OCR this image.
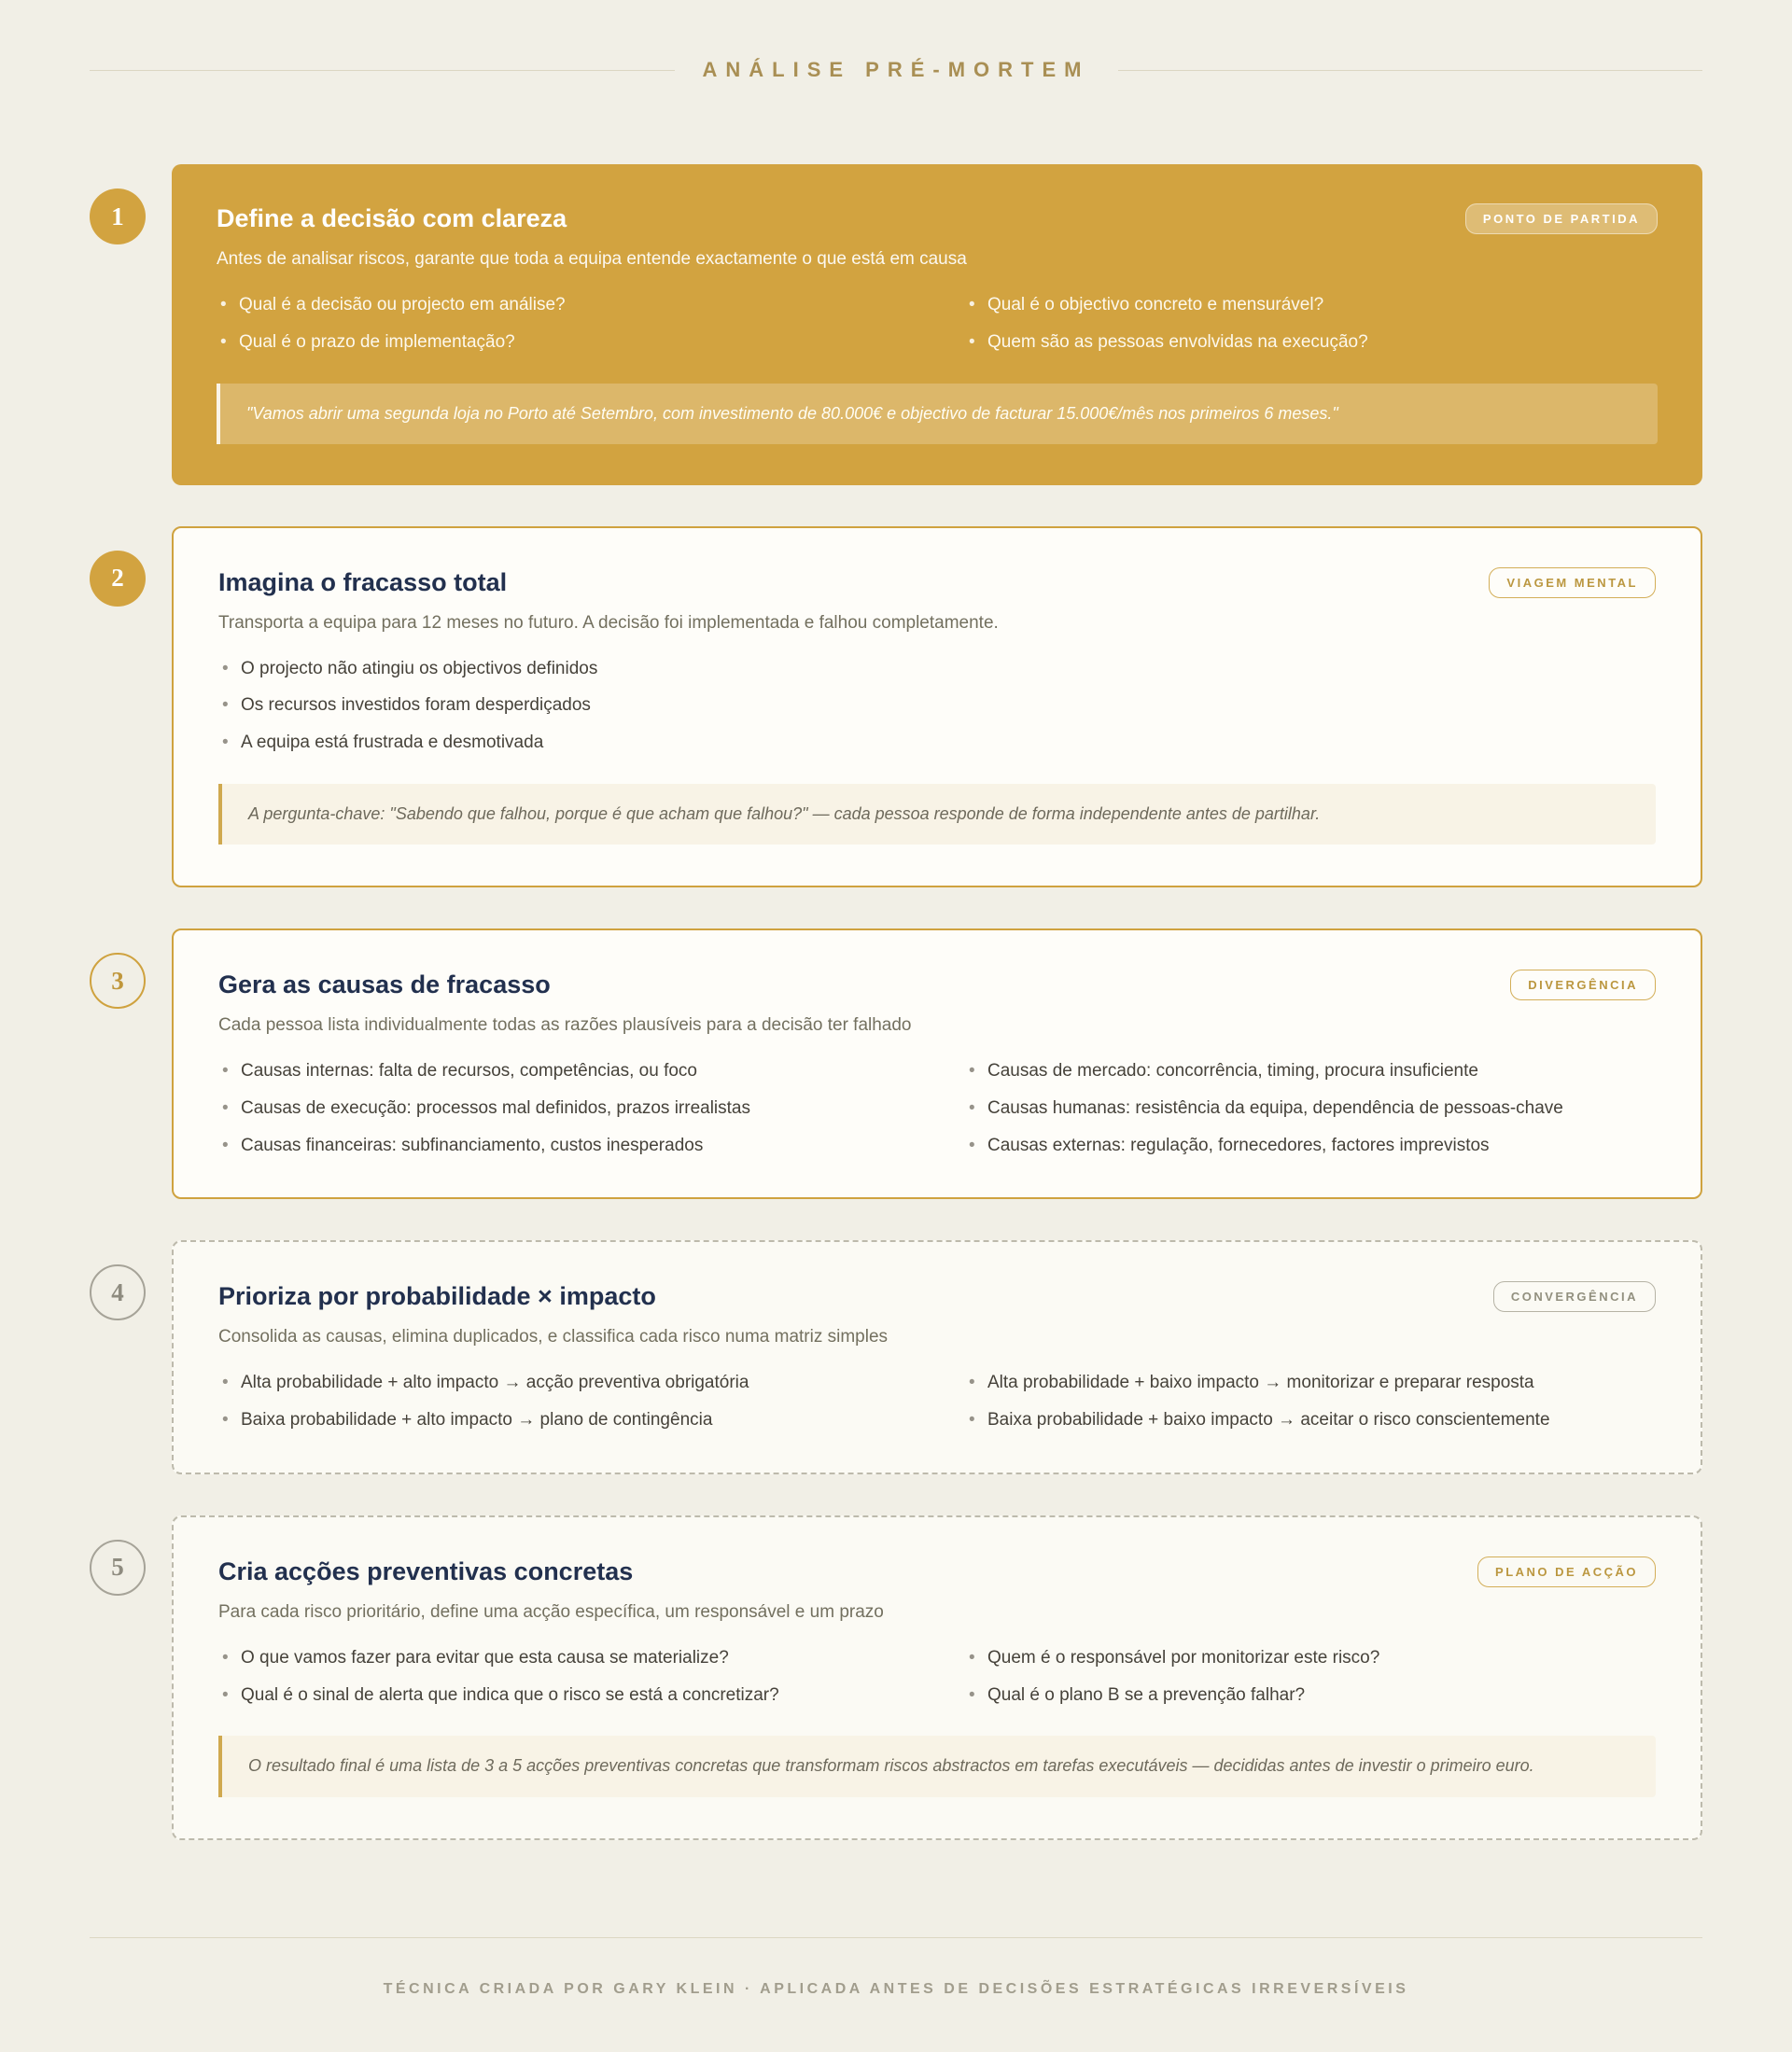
ANÁLISE PRÉ-MORTEM
1	Define a decisão com clareza	PONTO DE PARTIDA

Antes de analisar riscos, garante que toda a equipa entende exactamente o que está em causa

• Qual é a decisão ou projecto em análise?	• Qual é o objectivo concreto e mensurável?
• Qual é o prazo de implementação?	• Quem são as pessoas envolvidas na execução?
"Vamos abrir uma segunda loja no Porto até Setembro, com investimento de 80.000€ e objectivo de facturar 15.000€/mês nos primeiros 6 meses."
2	Imagina o fracasso total	VIAGEM MENTAL

Transporta a equipa para 12 meses no futuro. A decisão foi implementada e falhou completamente.

• O projecto não atingiu os objectivos definidos
• Os recursos investidos foram desperdiçados
• A equipa está frustrada e desmotivada
A pergunta-chave: "Sabendo que falhou, porque é que acham que falhou?" — cada pessoa responde de forma independente antes de partilhar.
3	Gera as causas de fracasso	DIVERGÊNCIA

Cada pessoa lista individualmente todas as razões plausíveis para a decisão ter falhado

• Causas internas: falta de recursos, competências, ou foco	• Causas de mercado: concorrência, timing, procura insuficiente
• Causas de execução: processos mal definidos, prazos irrealistas	• Causas humanas: resistência da equipa, dependência de pessoas-chave
• Causas financeiras: subfinanciamento, custos inesperados	• Causas externas: regulação, fornecedores, factores imprevistos
4	Prioriza por probabilidade × impacto	CONVERGÊNCIA

Consolida as causas, elimina duplicados, e classifica cada risco numa matriz simples

• Alta probabilidade + alto impacto → acção preventiva obrigatória	• Alta probabilidade + baixo impacto → monitorizar e preparar resposta
• Baixa probabilidade + alto impacto → plano de contingência	• Baixa probabilidade + baixo impacto → aceitar o risco conscientemente
5	Cria acções preventivas concretas	PLANO DE ACÇÃO

Para cada risco prioritário, define uma acção específica, um responsável e um prazo

• O que vamos fazer para evitar que esta causa se materialize?	• Quem é o responsável por monitorizar este risco?
• Qual é o sinal de alerta que indica que o risco se está a concretizar?	• Qual é o plano B se a prevenção falhar?
O resultado final é uma lista de 3 a 5 acções preventivas concretas que transformam riscos abstractos em tarefas executáveis — decididas antes de investir o primeiro euro.

TÉCNICA CRIADA POR GARY KLEIN · APLICADA ANTES DE DECISÕES ESTRATÉGICAS IRREVERSÍVEIS
